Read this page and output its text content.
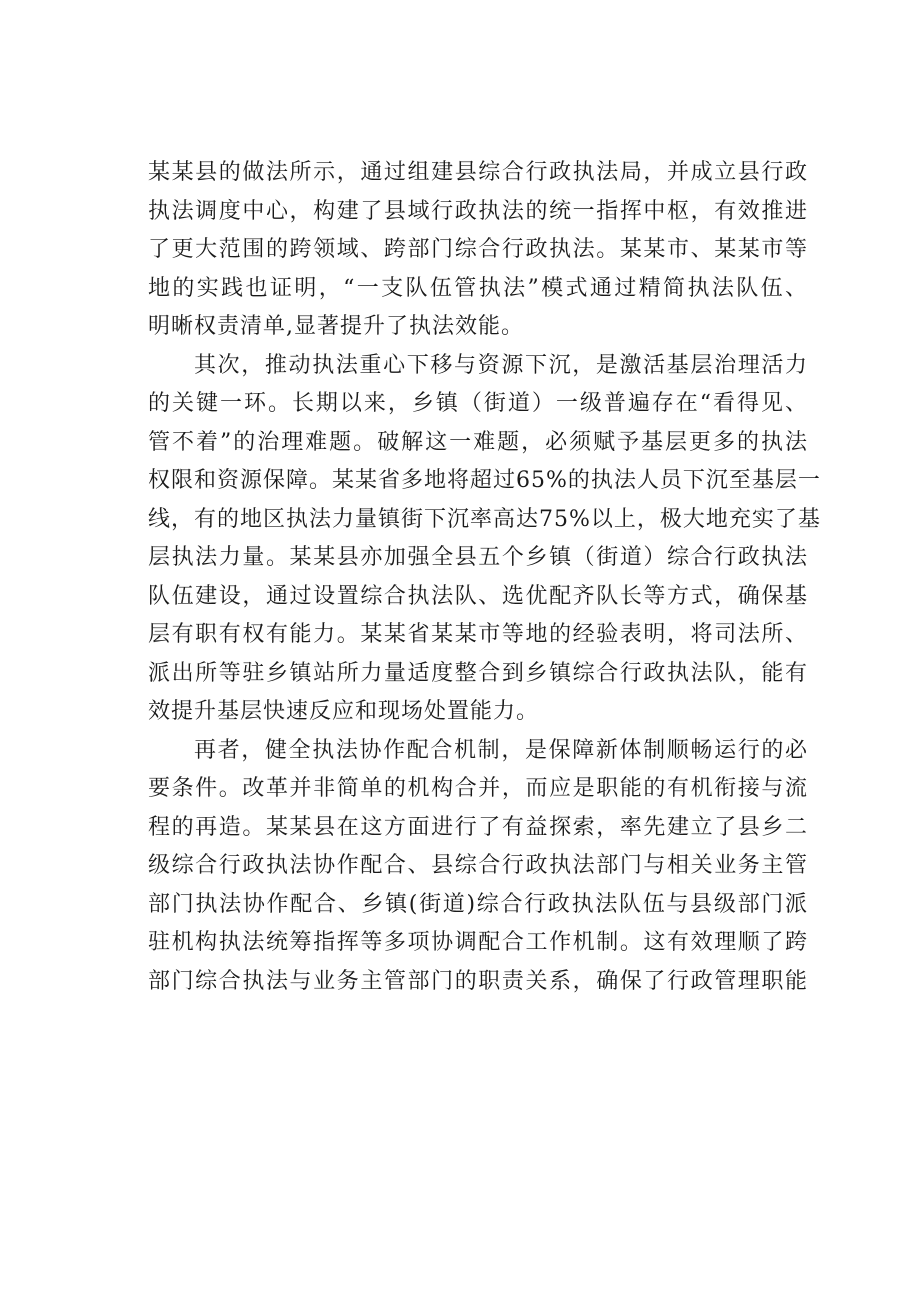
某某县的做法所示，通过组建县综合行政执法局，并成立县行政
执法调度中心，构建了县域行政执法的统一指挥中枢，有效推进
了更大范围的跨领域、跨部门综合行政执法。某某市、某某市等
地的实践也证明，“一支队伍管执法”模式通过精简执法队伍、
明晰权责清单,显著提升了执法效能。
其次，推动执法重心下移与资源下沉，是激活基层治理活力
的关键一环。长期以来，乡镇（街道）一级普遍存在“看得见、
管不着”的治理难题。破解这一难题，必须赋予基层更多的执法
权限和资源保障。某某省多地将超过65%的执法人员下沉至基层一
线，有的地区执法力量镇街下沉率高达75%以上，极大地充实了基
层执法力量。某某县亦加强全县五个乡镇（街道）综合行政执法
队伍建设，通过设置综合执法队、选优配齐队长等方式，确保基
层有职有权有能力。某某省某某市等地的经验表明，将司法所、
派出所等驻乡镇站所力量适度整合到乡镇综合行政执法队，能有
效提升基层快速反应和现场处置能力。
再者，健全执法协作配合机制，是保障新体制顺畅运行的必
要条件。改革并非简单的机构合并，而应是职能的有机衔接与流
程的再造。某某县在这方面进行了有益探索，率先建立了县乡二
级综合行政执法协作配合、县综合行政执法部门与相关业务主管
部门执法协作配合、乡镇(街道)综合行政执法队伍与县级部门派
驻机构执法统筹指挥等多项协调配合工作机制。这有效理顺了跨
部门综合执法与业务主管部门的职责关系，确保了行政管理职能
